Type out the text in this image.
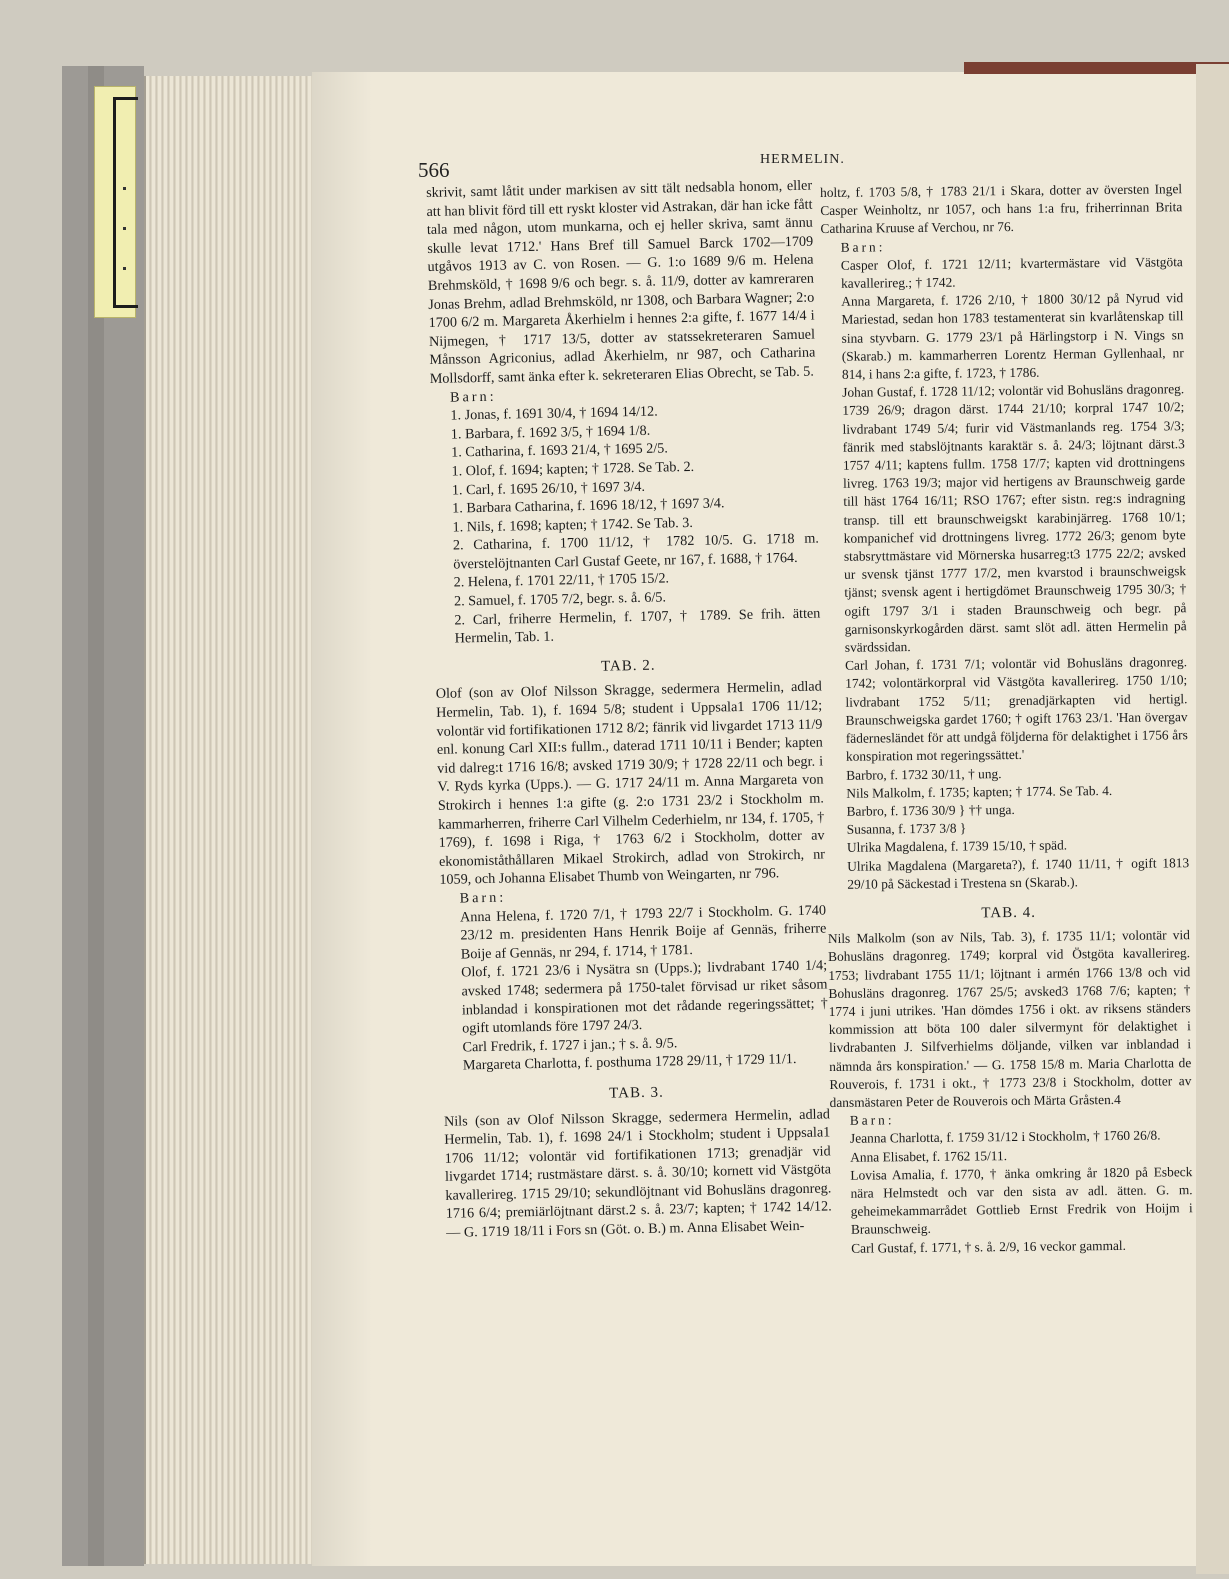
566	HERMELIN.

skrivit, samt låtit under markisen av sitt tält nedsabla honom, eller att han blivit förd till ett ryskt kloster vid Astrakan, där han icke fått tala med någon, utom munkarna, och ej heller skriva, samt ännu skulle levat 1712.' Hans Bref till Samuel Barck 1702—1709 utgåvos 1913 av C. von Rosen. — G. 1:o 1689 9/6 m. Helena Brehmsköld, † 1698 9/6 och begr. s. å. 11/9, dotter av kamreraren Jonas Brehm, adlad Brehmsköld, nr 1308, och Barbara Wagner; 2:o 1700 6/2 m. Margareta Åkerhielm i hennes 2:a gifte, f. 1677 14/4 i Nijmegen, † 1717 13/5, dotter av statssekreteraren Samuel Månsson Agriconius, adlad Åkerhielm, nr 987, och Catharina Mollsdorff, samt änka efter k. sekreteraren Elias Obrecht, se Tab. 5.

Barn:

1. Jonas, f. 1691 30/4, † 1694 14/12.

1. Barbara, f. 1692 3/5, † 1694 1/8.

1. Catharina, f. 1693 21/4, † 1695 2/5.

1. Olof, f. 1694; kapten; † 1728. Se Tab. 2.

1. Carl, f. 1695 26/10, † 1697 3/4.

1. Barbara Catharina, f. 1696 18/12, † 1697 3/4.

1. Nils, f. 1698; kapten; † 1742. Se Tab. 3.

2. Catharina, f. 1700 11/12, † 1782 10/5. G. 1718 m. överstelöjtnanten Carl Gustaf Geete, nr 167, f. 1688, † 1764.

2. Helena, f. 1701 22/11, † 1705 15/2.

2. Samuel, f. 1705 7/2, begr. s. å. 6/5.

2. Carl, friherre Hermelin, f. 1707, † 1789. Se frih. ätten Hermelin, Tab. 1.

TAB. 2.

Olof (son av Olof Nilsson Skragge, sedermera Hermelin, adlad Hermelin, Tab. 1), f. 1694 5/8; student i Uppsala1 1706 11/12; volontär vid fortifikationen 1712 8/2; fänrik vid livgardet 1713 11/9 enl. konung Carl XII:s fullm., daterad 1711 10/11 i Bender; kapten vid dalreg:t 1716 16/8; avsked 1719 30/9; † 1728 22/11 och begr. i V. Ryds kyrka (Upps.). — G. 1717 24/11 m. Anna Margareta von Strokirch i hennes 1:a gifte (g. 2:o 1731 23/2 i Stockholm m. kammarherren, friherre Carl Vilhelm Cederhielm, nr 134, f. 1705, † 1769), f. 1698 i Riga, † 1763 6/2 i Stockholm, dotter av ekonomiståthållaren Mikael Strokirch, adlad von Strokirch, nr 1059, och Johanna Elisabet Thumb von Weingarten, nr 796.

Barn:

Anna Helena, f. 1720 7/1, † 1793 22/7 i Stockholm. G. 1740 23/12 m. presidenten Hans Henrik Boije af Gennäs, friherre Boije af Gennäs, nr 294, f. 1714, † 1781.

Olof, f. 1721 23/6 i Nysätra sn (Upps.); livdrabant 1740 1/4; avsked 1748; sedermera på 1750-talet förvisad ur riket såsom inblandad i konspirationen mot det rådande regeringssättet; † ogift utomlands före 1797 24/3.

Carl Fredrik, f. 1727 i jan.; † s. å. 9/5.

Margareta Charlotta, f. posthuma 1728 29/11, † 1729 11/1.

TAB. 3.

Nils (son av Olof Nilsson Skragge, sedermera Hermelin, adlad Hermelin, Tab. 1), f. 1698 24/1 i Stockholm; student i Uppsala1 1706 11/12; volontär vid fortifikationen 1713; grenadjär vid livgardet 1714; rustmästare därst. s. å. 30/10; kornett vid Västgöta kavallerireg. 1715 29/10; sekundlöjtnant vid Bohusläns dragonreg. 1716 6/4; premiärlöjtnant därst.2 s. å. 23/7; kapten; † 1742 14/12. — G. 1719 18/11 i Fors sn (Göt. o. B.) m. Anna Elisabet Wein-

holtz, f. 1703 5/8, † 1783 21/1 i Skara, dotter av översten Ingel Casper Weinholtz, nr 1057, och hans 1:a fru, friherrinnan Brita Catharina Kruuse af Verchou, nr 76.

Barn:

Casper Olof, f. 1721 12/11; kvartermästare vid Västgöta kavallerireg.; † 1742.

Anna Margareta, f. 1726 2/10, † 1800 30/12 på Nyrud vid Mariestad, sedan hon 1783 testamenterat sin kvarlåtenskap till sina styvbarn. G. 1779 23/1 på Härlingstorp i N. Vings sn (Skarab.) m. kammarherren Lorentz Herman Gyllenhaal, nr 814, i hans 2:a gifte, f. 1723, † 1786.

Johan Gustaf, f. 1728 11/12; volontär vid Bohusläns dragonreg. 1739 26/9; dragon därst. 1744 21/10; korpral 1747 10/2; livdrabant 1749 5/4; furir vid Västmanlands reg. 1754 3/3; fänrik med stabslöjtnants karaktär s. å. 24/3; löjtnant därst.3 1757 4/11; kaptens fullm. 1758 17/7; kapten vid drottningens livreg. 1763 19/3; major vid hertigens av Braunschweig garde till häst 1764 16/11; RSO 1767; efter sistn. reg:s indragning transp. till ett braunschweigskt karabinjärreg. 1768 10/1; kompanichef vid drottningens livreg. 1772 26/3; genom byte stabsryttmästare vid Mörnerska husarreg:t3 1775 22/2; avsked ur svensk tjänst 1777 17/2, men kvarstod i braunschweigsk tjänst; svensk agent i hertigdömet Braunschweig 1795 30/3; † ogift 1797 3/1 i staden Braunschweig och begr. på garnisonskyrkogården därst. samt slöt adl. ätten Hermelin på svärdssidan.

Carl Johan, f. 1731 7/1; volontär vid Bohusläns dragonreg. 1742; volontärkorpral vid Västgöta kavallerireg. 1750 1/10; livdrabant 1752 5/11; grenadjärkapten vid hertigl. Braunschweigska gardet 1760; † ogift 1763 23/1. 'Han övergav fädernesländet för att undgå följderna för delaktighet i 1756 års konspiration mot regeringssättet.'

Barbro, f. 1732 30/11, † ung.

Nils Malkolm, f. 1735; kapten; † 1774. Se Tab. 4.

Barbro, f. 1736 30/9 } †† unga.

Susanna, f. 1737 3/8 }

Ulrika Magdalena, f. 1739 15/10, † späd.

Ulrika Magdalena (Margareta?), f. 1740 11/11, † ogift 1813 29/10 på Säckestad i Trestena sn (Skarab.).

TAB. 4.

Nils Malkolm (son av Nils, Tab. 3), f. 1735 11/1; volontär vid Bohusläns dragonreg. 1749; korpral vid Östgöta kavallerireg. 1753; livdrabant 1755 11/1; löjtnant i armén 1766 13/8 och vid Bohusläns dragonreg. 1767 25/5; avsked3 1768 7/6; kapten; † 1774 i juni utrikes. 'Han dömdes 1756 i okt. av riksens ständers kommission att böta 100 daler silvermynt för delaktighet i livdrabanten J. Silfverhielms döljande, vilken var inblandad i nämnda års konspiration.' — G. 1758 15/8 m. Maria Charlotta de Rouverois, f. 1731 i okt., † 1773 23/8 i Stockholm, dotter av dansmästaren Peter de Rouverois och Märta Gråsten.4

Barn:

Jeanna Charlotta, f. 1759 31/12 i Stockholm, † 1760 26/8.

Anna Elisabet, f. 1762 15/11.

Lovisa Amalia, f. 1770, † änka omkring år 1820 på Esbeck nära Helmstedt och var den sista av adl. ätten. G. m. geheimekammarrådet Gottlieb Ernst Fredrik von Hoijm i Braunschweig.

Carl Gustaf, f. 1771, † s. å. 2/9, 16 veckor gammal.
